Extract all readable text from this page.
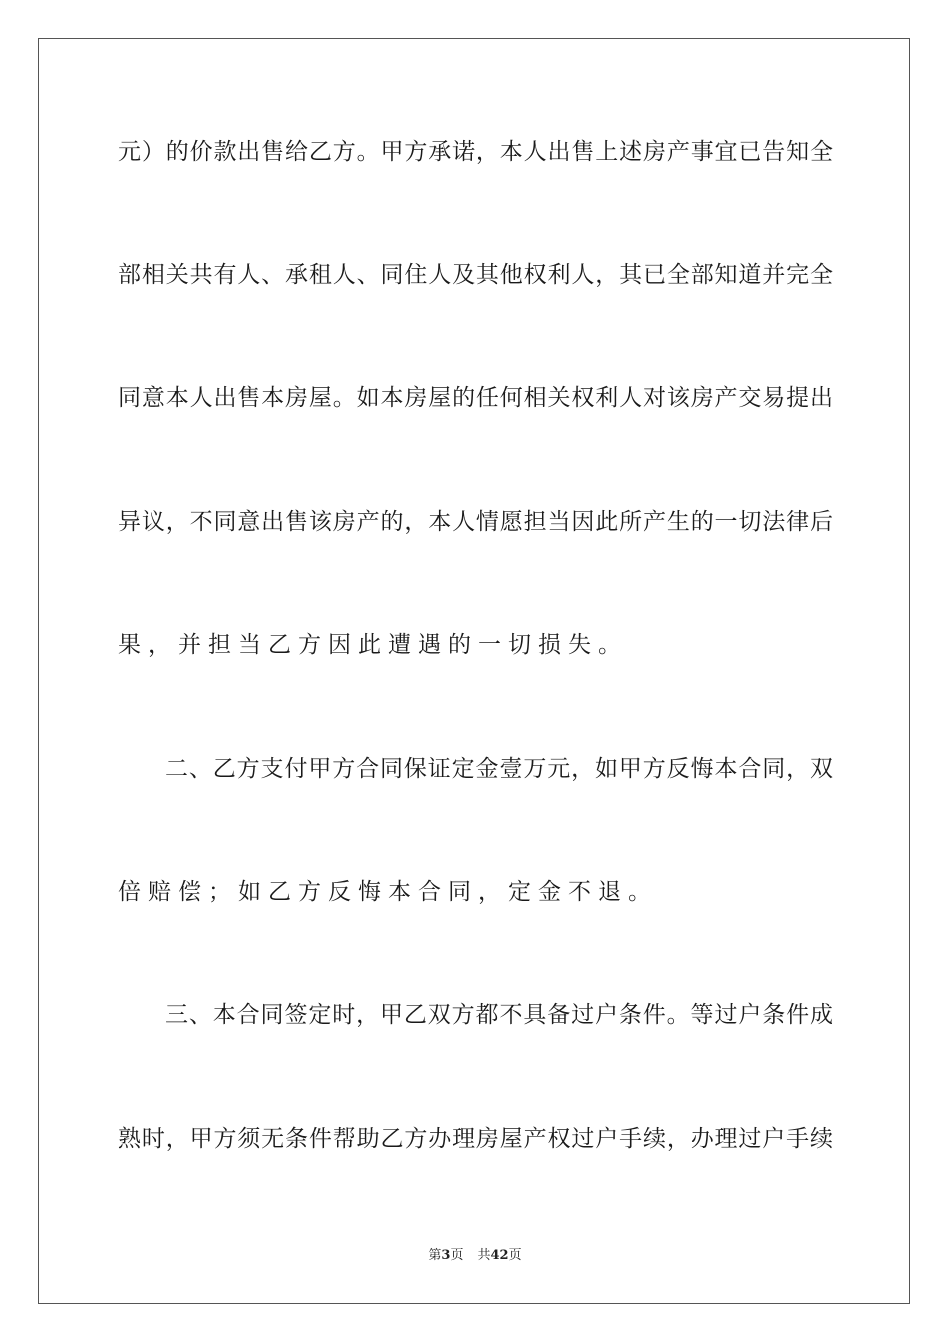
元）的价款出售给乙方。甲方承诺，本人出售上述房产事宜已告知全
部相关共有人、承租人、同住人及其他权利人，其已全部知道并完全
同意本人出售本房屋。如本房屋的任何相关权利人对该房产交易提出
异议，不同意出售该房产的，本人情愿担当因此所产生的一切法律后
果，并担当乙方因此遭遇的一切损失。
二、乙方支付甲方合同保证定金壹万元，如甲方反悔本合同，双
倍赔偿；如乙方反悔本合同，定金不退。
三、本合同签定时，甲乙双方都不具备过户条件。等过户条件成
熟时，甲方须无条件帮助乙方办理房屋产权过户手续，办理过户手续
第3页 共42页
